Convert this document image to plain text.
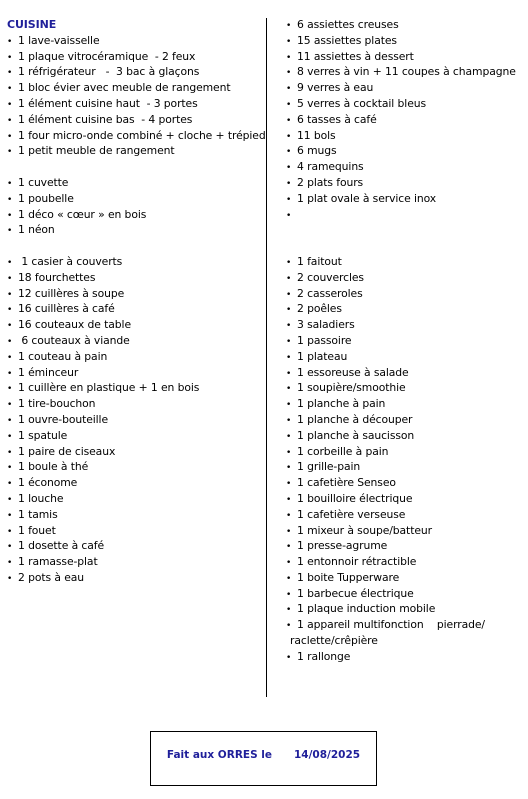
CUISINE
• 1 lave-vaisselle
• 1 plaque vitrocéramique  - 2 feux
• 1 réfrigérateur   -  3 bac à glaçons
• 1 bloc évier avec meuble de rangement
• 1 élément cuisine haut  - 3 portes
• 1 élément cuisine bas  - 4 portes
• 1 four micro-onde combiné + cloche + trépied
• 1 petit meuble de rangement
• 1 cuvette
• 1 poubelle
• 1 déco « cœur » en bois
• 1 néon
• 1 casier à couverts
• 18 fourchettes
• 12 cuillères à soupe
• 16 cuillères à café
• 16 couteaux de table
• 6 couteaux à viande
• 1 couteau à pain
• 1 éminceur
• 1 cuillère en plastique + 1 en bois
• 1 tire-bouchon
• 1 ouvre-bouteille
• 1 spatule
• 1 paire de ciseaux
• 1 boule à thé
• 1 économe
• 1 louche
• 1 tamis
• 1 fouet
• 1 dosette à café
• 1 ramasse-plat
• 2 pots à eau
• 6 assiettes creuses
• 15 assiettes plates
• 11 assiettes à dessert
• 8 verres à vin + 11 coupes à champagne
• 9 verres à eau
• 5 verres à cocktail bleus
• 6 tasses à café
• 11 bols
• 6 mugs
• 4 ramequins
• 2 plats fours
• 1 plat ovale à service inox
•
• 1 faitout
• 2 couvercles
• 2 casseroles
• 2 poêles
• 3 saladiers
• 1 passoire
• 1 plateau
• 1 essoreuse à salade
• 1 soupière/smoothie
• 1 planche à pain
• 1 planche à découper
• 1 planche à saucisson
• 1 corbeille à pain
• 1 grille-pain
• 1 cafetière Senseo
• 1 bouilloire électrique
• 1 cafetière verseuse
• 1 mixeur à soupe/batteur
• 1 presse-agrume
• 1 entonnoir rétractible
• 1 boite Tupperware
• 1 barbecue électrique
• 1 plaque induction mobile
• 1 appareil multifonction    pierrade/
raclette/crêpière
• 1 rallonge
Fait aux ORRES le      14/08/2025
